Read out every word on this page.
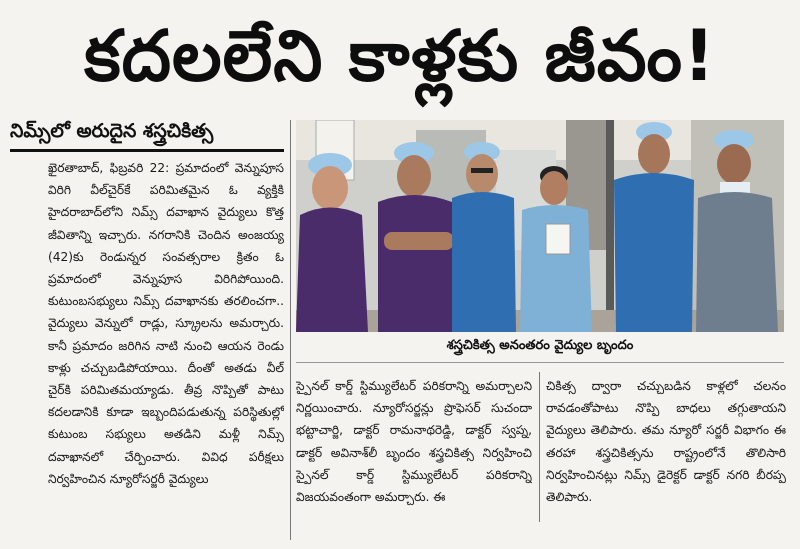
కదలలేని కాళ్లకు జీవం!
నిమ్స్‌లో అరుదైన శస్త్రచికిత్స
ఖైరతాబాద్‌, ఫిబ్రవరి 22: ప్రమాదంలో వెన్నుపూస విరిగి వీల్‌చైర్‌కే పరిమితమైన ఓ వ్యక్తికి హైదరాబాద్‌లోని నిమ్స్‌ దవాఖాన వైద్యులు కొత్త జీవితాన్ని ఇచ్చారు. నగరానికి చెందిన అంజయ్య (42)కు రెండున్నర సంవత్సరాల క్రితం ఓ ప్రమాదంలో వెన్నుపూస విరిగిపోయింది. కుటుంబసభ్యులు నిమ్స్‌ దవాఖానకు తరలించగా.. వైద్యులు వెన్నులో రాడ్లు, స్క్రూలను అమర్చారు. కానీ ప్రమాదం జరిగిన నాటి నుంచి ఆయన రెండు కాళ్లు చచ్చుబడిపోయాయి. దీంతో అతడు వీల్‌ చైర్‌కి పరిమితమయ్యాడు. తీవ్ర నొప్పితో పాటు కదలడానికి కూడా ఇబ్బందిపడుతున్న పరిస్థితుల్లో కుటుంబ సభ్యులు అతడిని మళ్లీ నిమ్స్‌ దవాఖానలో చేర్పించారు. వివిధ పరీక్షలు నిర్వహించిన న్యూరోసర్జరీ వైద్యులు
శస్త్రచికిత్స అనంతరం వైద్యుల బృందం
స్పైనల్‌ కార్డ్‌ స్టిమ్యులేటర్‌ పరికరాన్ని అమర్చాలని నిర్ణయించారు. న్యూరోసర్జన్లు ప్రొఫెసర్‌ సుచందా భట్టాచార్జి, డాక్టర్‌ రామనాథరెడ్డి, డాక్టర్‌ స్వప్న, డాక్టర్‌ అవినాశ్‌లీ బృందం శస్త్రచికిత్స నిర్వహించి స్పైనల్‌ కార్డ్‌ స్టిమ్యులేటర్‌ పరికరాన్ని విజయవంతంగా అమర్చారు. ఈ
చికిత్స ద్వారా చచ్చుబడిన కాళ్లలో చలనం రావడంతోపాటు నొప్పి బాధలు తగ్గుతాయని వైద్యులు తెలిపారు. తమ న్యూరో సర్జరీ విభాగం ఈ తరహా శస్త్రచికిత్సను రాష్ట్రంలోనే తొలిసారి నిర్వహించినట్లు నిమ్స్‌ డైరెక్టర్‌ డాక్టర్‌ నగరి బీరప్ప తెలిపారు.
